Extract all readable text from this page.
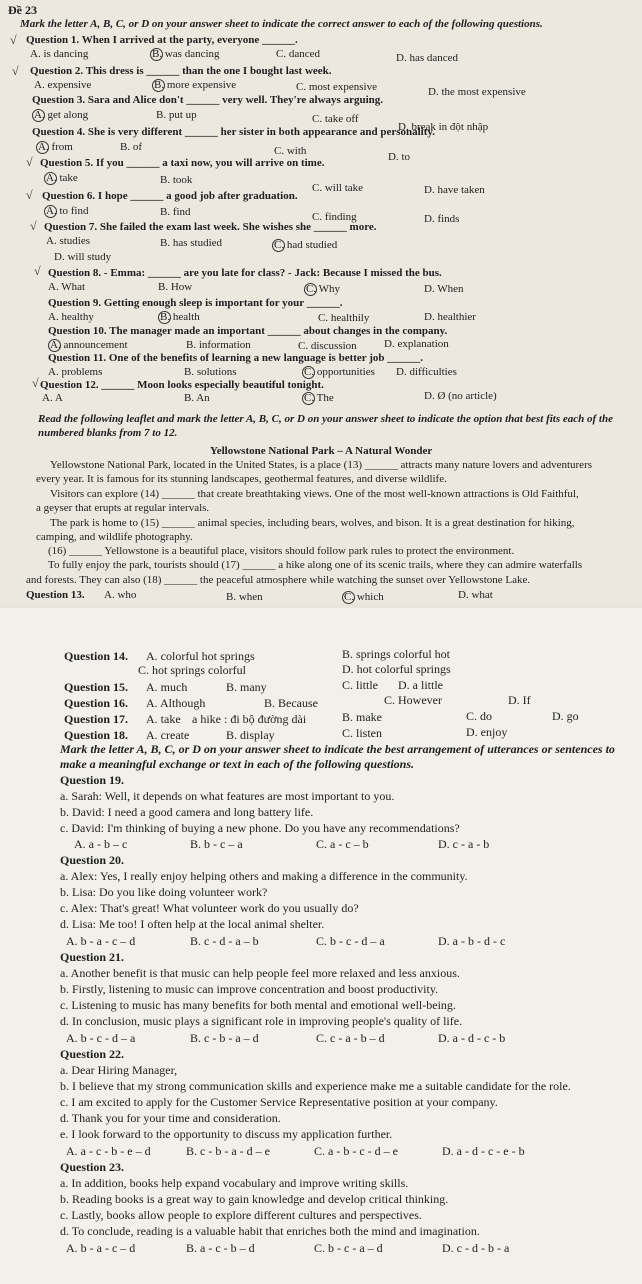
Đề 23
Mark the letter A, B, C, or D on your answer sheet to indicate the correct answer to each of the following questions.
√ Question 1. When I arrived at the party, everyone ______.
A. is dancing	B. was dancing	C. danced	D. has danced
√ Question 2. This dress is ______ than the one I bought last week.
A. expensive	B. more expensive	C. most expensive	D. the most expensive
Question 3. Sara and Alice don't ______ very well. They're always arguing.
A. get along	B. put up	C. take off
D. break in đột nhập
Question 4. She is very different ______ her sister in both appearance and personality.
A. from	B. of	C. with	D. to
√ Question 5. If you ______ a taxi now, you will arrive on time.
A. take	B. took
C. will take	D. have taken
√ Question 6. I hope ______ a good job after graduation.
A. to find	B. find	C. finding	D. finds
√ Question 7. She failed the exam last week. She wishes she ______ more.
A. studies	B. has studied	C. had studied
D. will study
√ Question 8. - Emma: ______ are you late for class? - Jack: Because I missed the bus.
A. What	B. How	C. Why	D. When
Question 9. Getting enough sleep is important for your ______.
A. healthy	B. health	C. healthily	D. healthier
Question 10. The manager made an important ______ about changes in the company.
A. announcement	B. information	C. discussion D. explanation
Question 11. One of the benefits of learning a new language is better job ______.
A. problems	B. solutions	C. opportunities D. difficulties
√ Question 12. ______ Moon looks especially beautiful tonight.
A. A	B. An	C. The	D. Ø (no article)
Read the following leaflet and mark the letter A, B, C, or D on your answer sheet to indicate the option that best fits each of the numbered blanks from 7 to 12.
Yellowstone National Park – A Natural Wonder
Yellowstone National Park, located in the United States, is a place (13) ______ attracts many nature lovers and adventurers
every year. It is famous for its stunning landscapes, geothermal features, and diverse wildlife.
Visitors can explore (14) ______ that create breathtaking views. One of the most well-known attractions is Old Faithful,
a geyser that erupts at regular intervals.
The park is home to (15) ______ animal species, including bears, wolves, and bison. It is a great destination for hiking,
camping, and wildlife photography.
(16) ______ Yellowstone is a beautiful place, visitors should follow park rules to protect the environment.
To fully enjoy the park, tourists should (17) ______ a hike along one of its scenic trails, where they can admire waterfalls
and forests. They can also (18) ______ the peaceful atmosphere while watching the sunset over Yellowstone Lake.
Question 13. A. who	B. when	C. which	D. what
Question 14. A. colorful hot springs	B. springs colorful hot
C. hot springs colorful	D. hot colorful springs
Question 15. A. much	B. many	C. little D. a little
Question 16. A. Although	B. Because	C. However	D. If
Question 17. A. take a hike : đi bộ đường dài	B. make	C. do	D. go
Question 18. A. create	B. display	C. listen	D. enjoy
Mark the letter A, B, C, or D on your answer sheet to indicate the best arrangement of utterances or sentences to make a meaningful exchange or text in each of the following questions.
Question 19.
a. Sarah: Well, it depends on what features are most important to you.
b. David: I need a good camera and long battery life.
c. David: I'm thinking of buying a new phone. Do you have any recommendations?
A. a - b – c	B. b - c – a	C. a - c – b	D. c - a - b
Question 20.
a. Alex: Yes, I really enjoy helping others and making a difference in the community.
b. Lisa: Do you like doing volunteer work?
c. Alex: That's great! What volunteer work do you usually do?
d. Lisa: Me too! I often help at the local animal shelter.
A. b - a - c – d	B. c - d - a – b	C. b - c - d – a	D. a - b - d - c
Question 21.
a. Another benefit is that music can help people feel more relaxed and less anxious.
b. Firstly, listening to music can improve concentration and boost productivity.
c. Listening to music has many benefits for both mental and emotional well-being.
d. In conclusion, music plays a significant role in improving people's quality of life.
A. b - c - d – a	B. c - b - a – d	C. c - a - b – d	D. a - d - c - b
Question 22.
a. Dear Hiring Manager,
b. I believe that my strong communication skills and experience make me a suitable candidate for the role.
c. I am excited to apply for the Customer Service Representative position at your company.
d. Thank you for your time and consideration.
e. I look forward to the opportunity to discuss my application further.
A. a - c - b - e – d	B. c - b - a - d – e	C. a - b - c - d – e	D. a - d - c - e - b
Question 23.
a. In addition, books help expand vocabulary and improve writing skills.
b. Reading books is a great way to gain knowledge and develop critical thinking.
c. Lastly, books allow people to explore different cultures and perspectives.
d. To conclude, reading is a valuable habit that enriches both the mind and imagination.
A. b - a - c – d	B. a - c - b – d	C. b - c - a – d	D. c - d - b - a
